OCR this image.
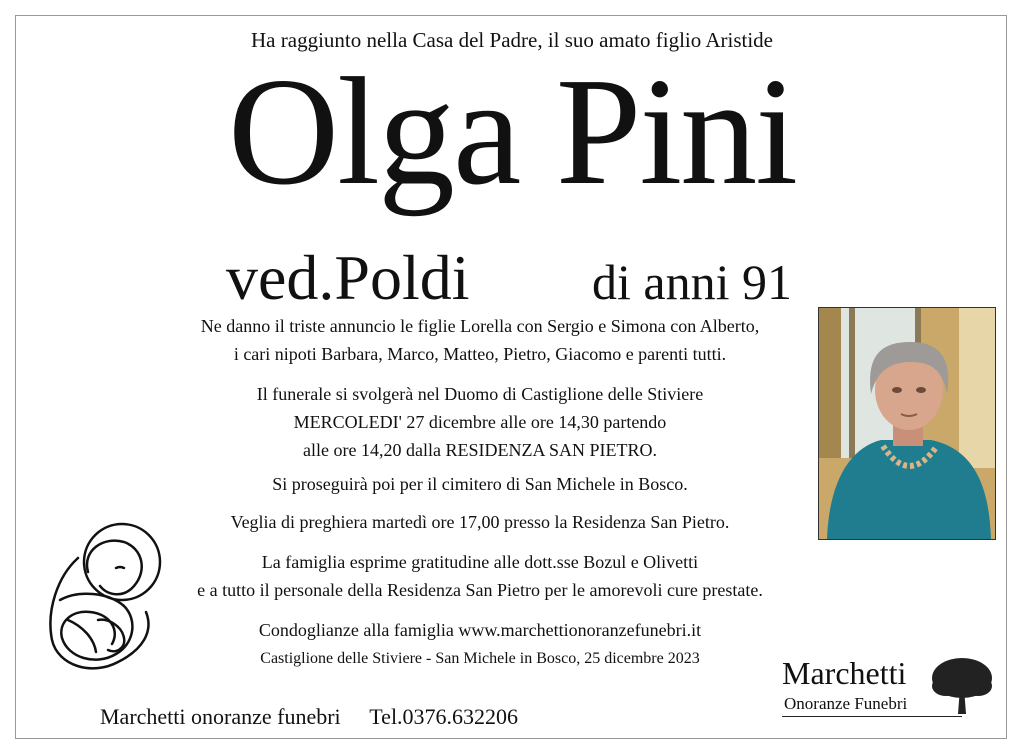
Ha raggiunto nella Casa del Padre, il suo amato figlio Aristide
Olga Pini
ved.Poldi di anni 91
Ne danno il triste annuncio le figlie Lorella con Sergio e Simona con Alberto,
i cari nipoti Barbara, Marco, Matteo, Pietro, Giacomo e parenti tutti.
Il funerale si svolgerà nel Duomo di Castiglione delle Stiviere
MERCOLEDI' 27 dicembre alle ore 14,30 partendo
alle ore 14,20 dalla RESIDENZA SAN PIETRO.
Si proseguirà poi per il cimitero di San Michele in Bosco.
Veglia di preghiera martedì ore 17,00 presso la Residenza San Pietro.
La famiglia esprime gratitudine alle dott.sse Bozul e Olivetti
e a tutto il personale della Residenza San Pietro per le amorevoli cure prestate.
Condoglianze alla famiglia www.marchettionoranzefunebri.it
Castiglione delle Stiviere - San Michele in Bosco, 25 dicembre 2023
Marchetti onoranze funebri Tel.0376.632206
Marchetti
Onoranze Funebri
